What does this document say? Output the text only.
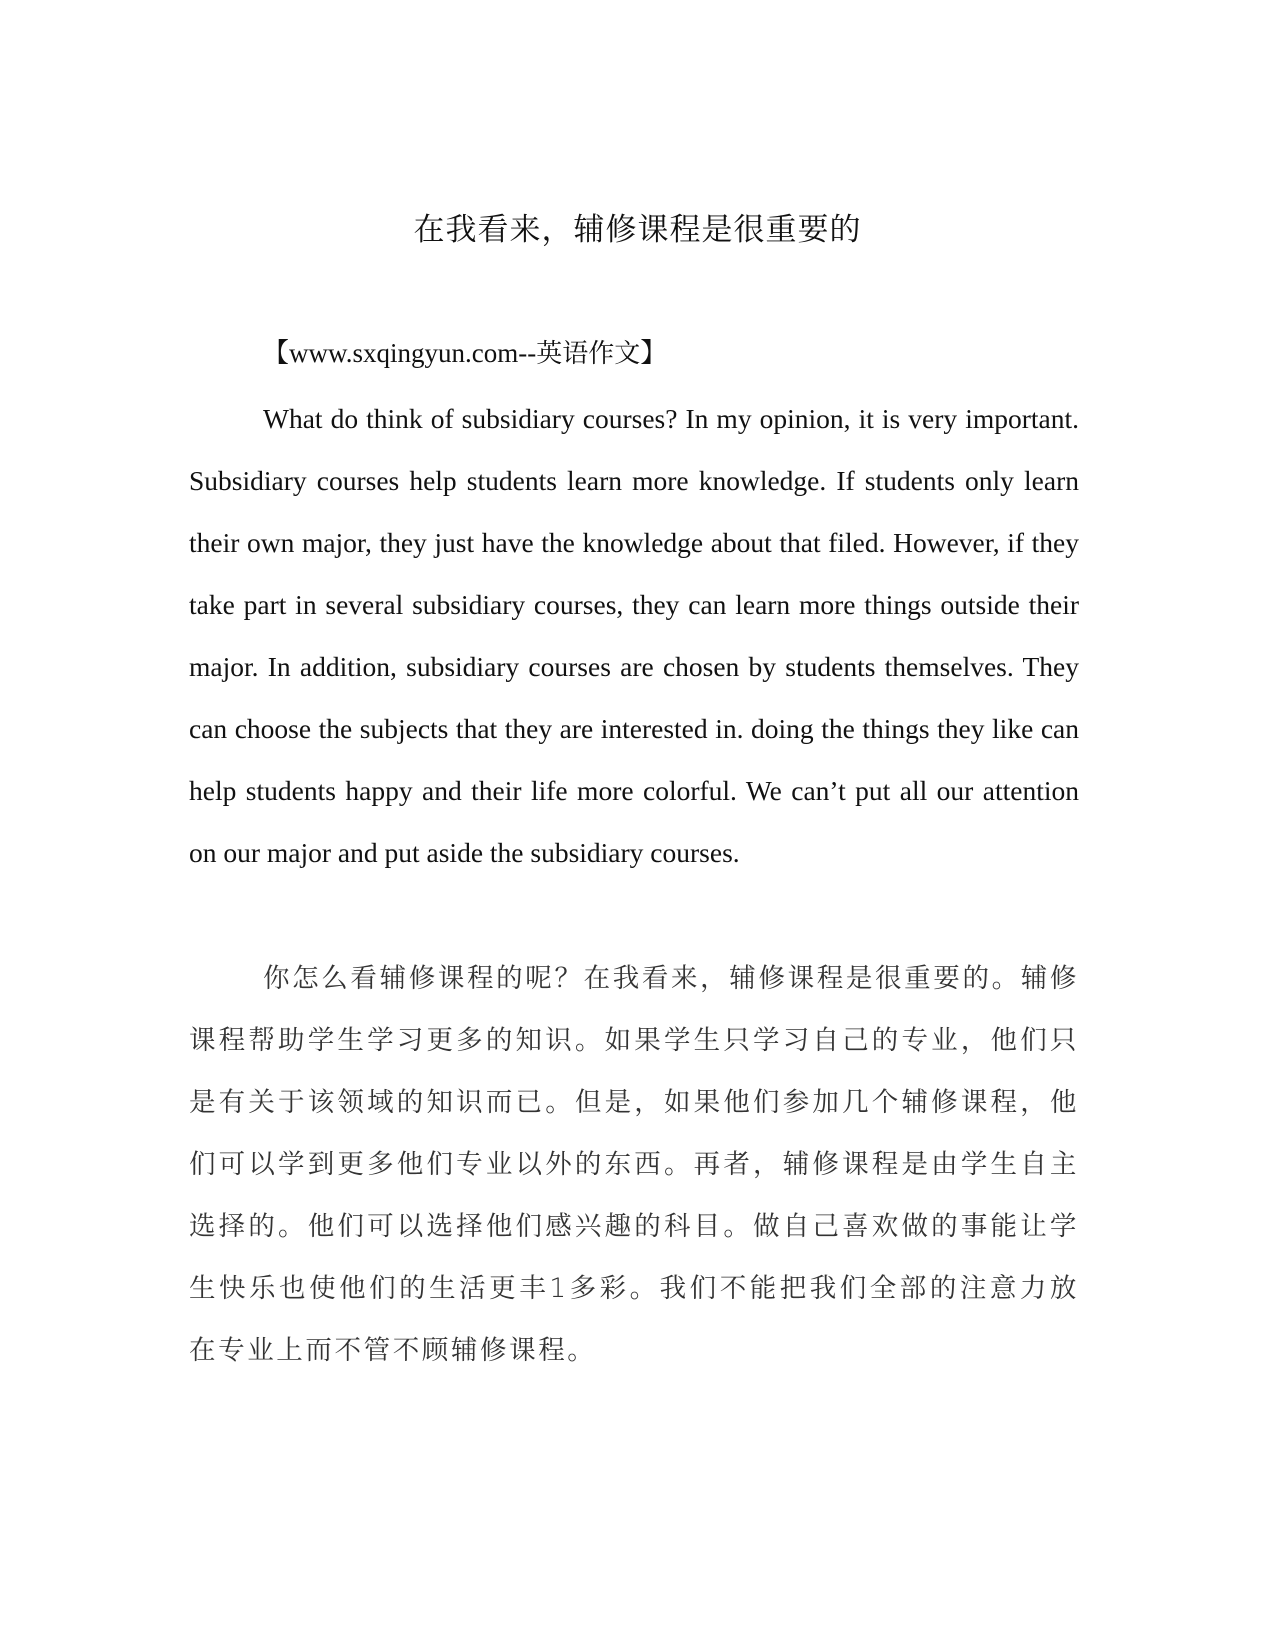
在我看来，辅修课程是很重要的
【www.sxqingyun.com--英语作文】

What do think of subsidiary courses? In my opinion, it is very important. Subsidiary courses help students learn more knowledge. If students only learn their own major, they just have the knowledge about that filed. However, if they take part in several subsidiary courses, they can learn more things outside their major. In addition, subsidiary courses are chosen by students themselves. They can choose the subjects that they are interested in. doing the things they like can help students happy and their life more colorful. We can’t put all our attention on our major and put aside the subsidiary courses.

你怎么看辅修课程的呢？在我看来，辅修课程是很重要的。辅修课程帮助学生学习更多的知识。如果学生只学习自己的专业，他们只是有关于该领域的知识而已。但是，如果他们参加几个辅修课程，他们可以学到更多他们专业以外的东西。再者，辅修课程是由学生自主选择的。他们可以选择他们感兴趣的科目。做自己喜欢做的事能让学生快乐也使他们的生活更丰1多彩。我们不能把我们全部的注意力放在专业上而不管不顾辅修课程。
